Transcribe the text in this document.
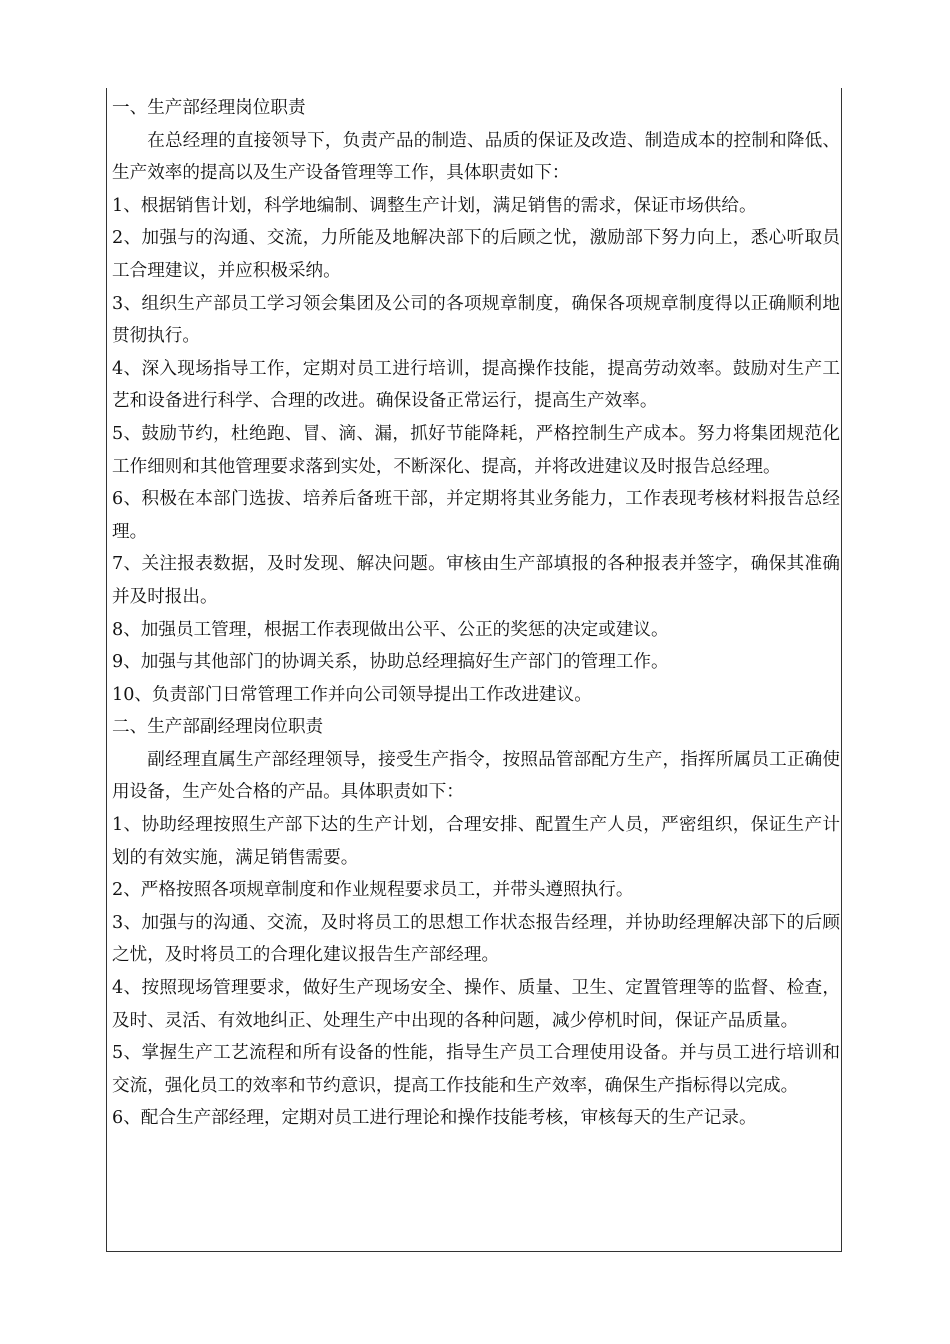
一、生产部经理岗位职责

在总经理的直接领导下，负责产品的制造、品质的保证及改造、制造成本的控制和降低、生产效率的提高以及生产设备管理等工作，具体职责如下：

1、根据销售计划，科学地编制、调整生产计划，满足销售的需求，保证市场供给。

2、加强与的沟通、交流，力所能及地解决部下的后顾之忧，激励部下努力向上，悉心听取员工合理建议，并应积极采纳。

3、组织生产部员工学习领会集团及公司的各项规章制度，确保各项规章制度得以正确顺利地贯彻执行。

4、深入现场指导工作，定期对员工进行培训，提高操作技能，提高劳动效率。鼓励对生产工艺和设备进行科学、合理的改进。确保设备正常运行，提高生产效率。

5、鼓励节约，杜绝跑、冒、滴、漏，抓好节能降耗，严格控制生产成本。努力将集团规范化工作细则和其他管理要求落到实处，不断深化、提高，并将改进建议及时报告总经理。

6、积极在本部门选拔、培养后备班干部，并定期将其业务能力，工作表现考核材料报告总经理。

7、关注报表数据，及时发现、解决问题。审核由生产部填报的各种报表并签字，确保其准确并及时报出。

8、加强员工管理，根据工作表现做出公平、公正的奖惩的决定或建议。

9、加强与其他部门的协调关系，协助总经理搞好生产部门的管理工作。

10、负责部门日常管理工作并向公司领导提出工作改进建议。

二、生产部副经理岗位职责

副经理直属生产部经理领导，接受生产指令，按照品管部配方生产，指挥所属员工正确使用设备，生产处合格的产品。具体职责如下：

1、协助经理按照生产部下达的生产计划，合理安排、配置生产人员，严密组织，保证生产计划的有效实施，满足销售需要。

2、严格按照各项规章制度和作业规程要求员工，并带头遵照执行。

3、加强与的沟通、交流，及时将员工的思想工作状态报告经理，并协助经理解决部下的后顾之忧，及时将员工的合理化建议报告生产部经理。

4、按照现场管理要求，做好生产现场安全、操作、质量、卫生、定置管理等的监督、检查，及时、灵活、有效地纠正、处理生产中出现的各种问题，减少停机时间，保证产品质量。

5、掌握生产工艺流程和所有设备的性能，指导生产员工合理使用设备。并与员工进行培训和交流，强化员工的效率和节约意识，提高工作技能和生产效率，确保生产指标得以完成。

6、配合生产部经理，定期对员工进行理论和操作技能考核，审核每天的生产记录。
